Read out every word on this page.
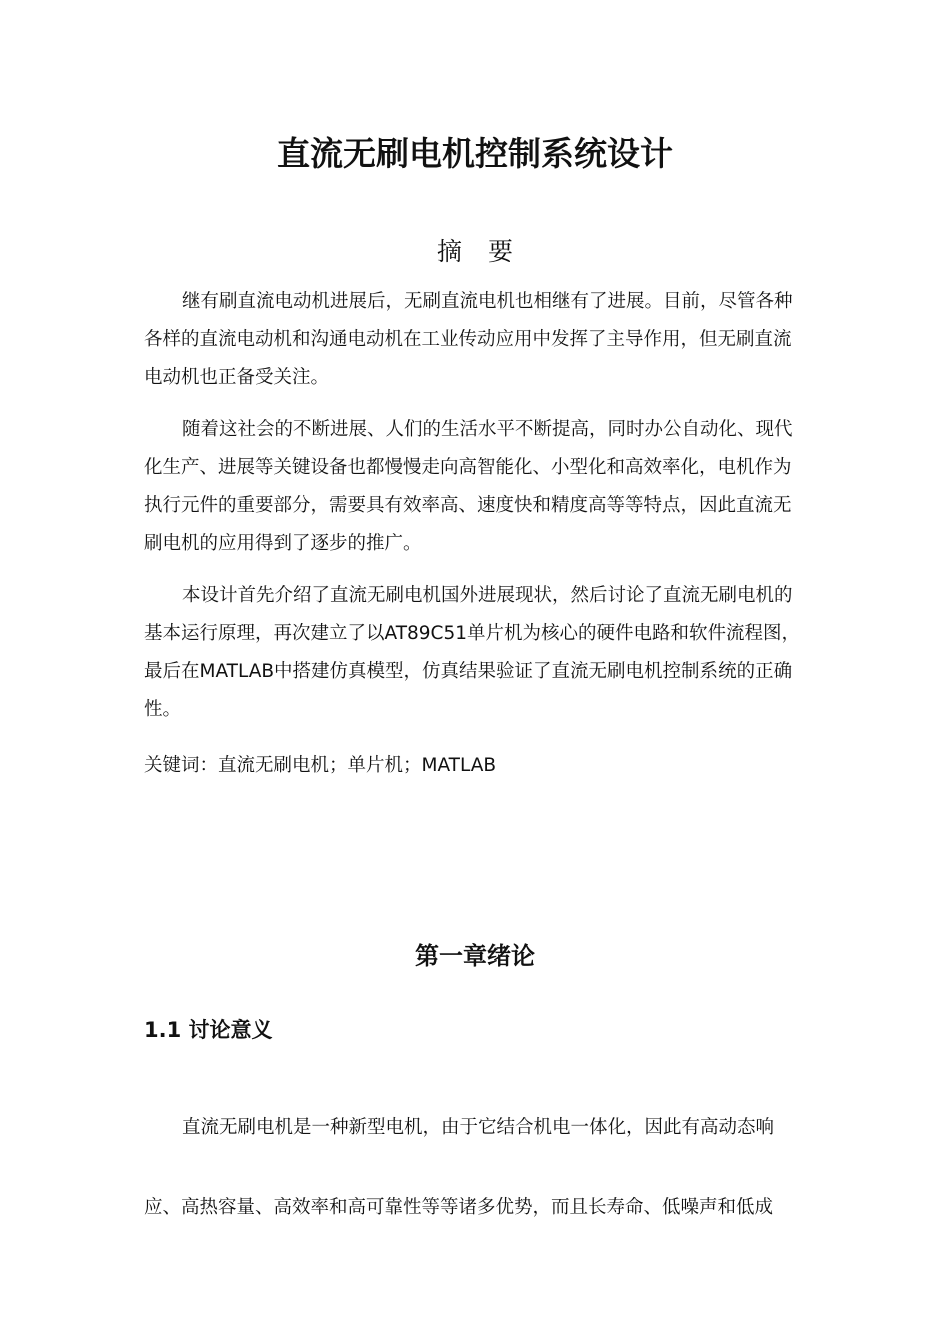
直流无刷电机控制系统设计
摘 要

继有刷直流电动机进展后，无刷直流电机也相继有了进展。目前，尽管各种各样的直流电动机和沟通电动机在工业传动应用中发挥了主导作用，但无刷直流电动机也正备受关注。

随着这社会的不断进展、人们的生活水平不断提高，同时办公自动化、现代化生产、进展等关键设备也都慢慢走向高智能化、小型化和高效率化，电机作为执行元件的重要部分，需要具有效率高、速度快和精度高等等特点，因此直流无刷电机的应用得到了逐步的推广。

本设计首先介绍了直流无刷电机国外进展现状，然后讨论了直流无刷电机的基本运行原理，再次建立了以AT89C51单片机为核心的硬件电路和软件流程图，最后在MATLAB中搭建仿真模型，仿真结果验证了直流无刷电机控制系统的正确性。

关键词：直流无刷电机；单片机；MATLAB
第一章绪论
1.1 讨论意义

直流无刷电机是一种新型电机，由于它结合机电一体化，因此有高动态响应、高热容量、高效率和高可靠性等等诸多优势，而且长寿命、低噪声和低成
